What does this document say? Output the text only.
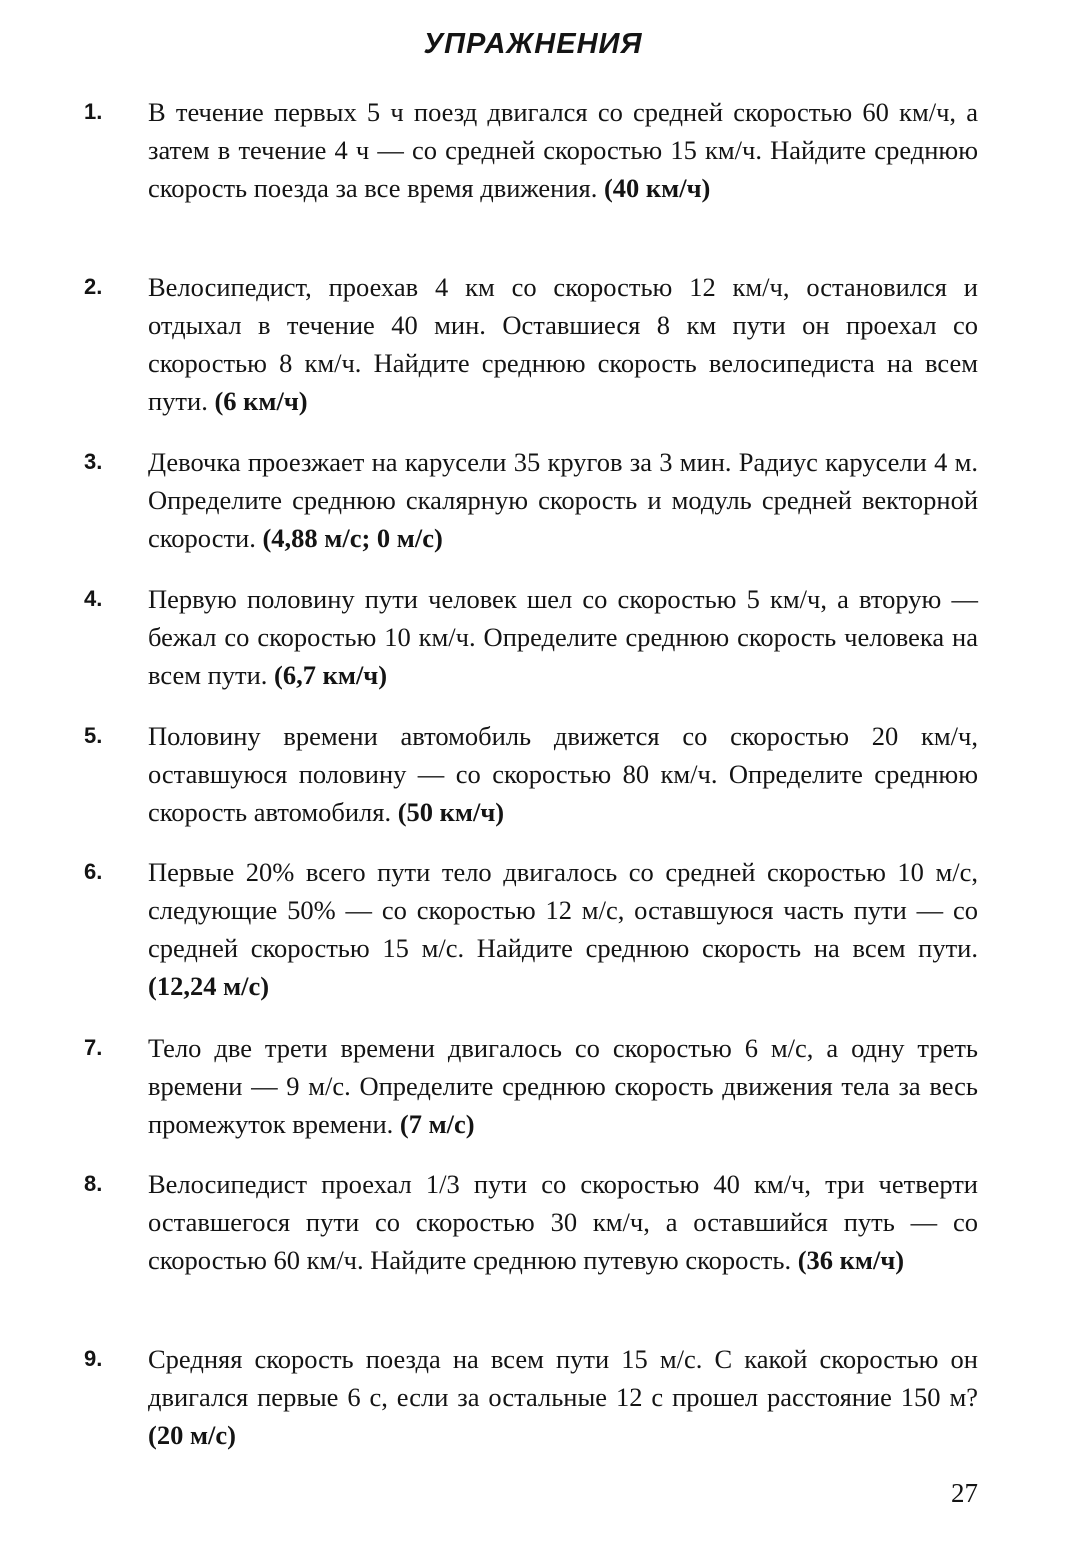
УПРАЖНЕНИЯ
1. В течение первых 5 ч поезд двигался со средней скоростью 60 км/ч, а затем в течение 4 ч — со средней скоростью 15 км/ч. Найдите среднюю скорость поезда за все время движения. (40 км/ч)

2. Велосипедист, проехав 4 км со скоростью 12 км/ч, остановился и отдыхал в течение 40 мин. Оставшиеся 8 км пути он проехал со скоростью 8 км/ч. Найдите среднюю скорость велосипедиста на всем пути. (6 км/ч)

3. Девочка проезжает на карусели 35 кругов за 3 мин. Радиус карусели 4 м. Определите среднюю скалярную скорость и модуль средней векторной скорости. (4,88 м/с; 0 м/с)

4. Первую половину пути человек шел со скоростью 5 км/ч, а вторую — бежал со скоростью 10 км/ч. Определите среднюю скорость человека на всем пути. (6,7 км/ч)

5. Половину времени автомобиль движется со скоростью 20 км/ч, оставшуюся половину — со скоростью 80 км/ч. Определите среднюю скорость автомобиля. (50 км/ч)

6. Первые 20% всего пути тело двигалось со средней скоростью 10 м/с, следующие 50% — со скоростью 12 м/с, оставшуюся часть пути — со средней скоростью 15 м/с. Найдите среднюю скорость на всем пути. (12,24 м/с)

7. Тело две трети времени двигалось со скоростью 6 м/с, а одну треть времени — 9 м/с. Определите среднюю скорость движения тела за весь промежуток времени. (7 м/с)

8. Велосипедист проехал 1/3 пути со скоростью 40 км/ч, три четверти оставшегося пути со скоростью 30 км/ч, а оставшийся путь — со скоростью 60 км/ч. Найдите среднюю путевую скорость. (36 км/ч)

9. Средняя скорость поезда на всем пути 15 м/с. С какой скоростью он двигался первые 6 с, если за остальные 12 с прошел расстояние 150 м? (20 м/с)

27
